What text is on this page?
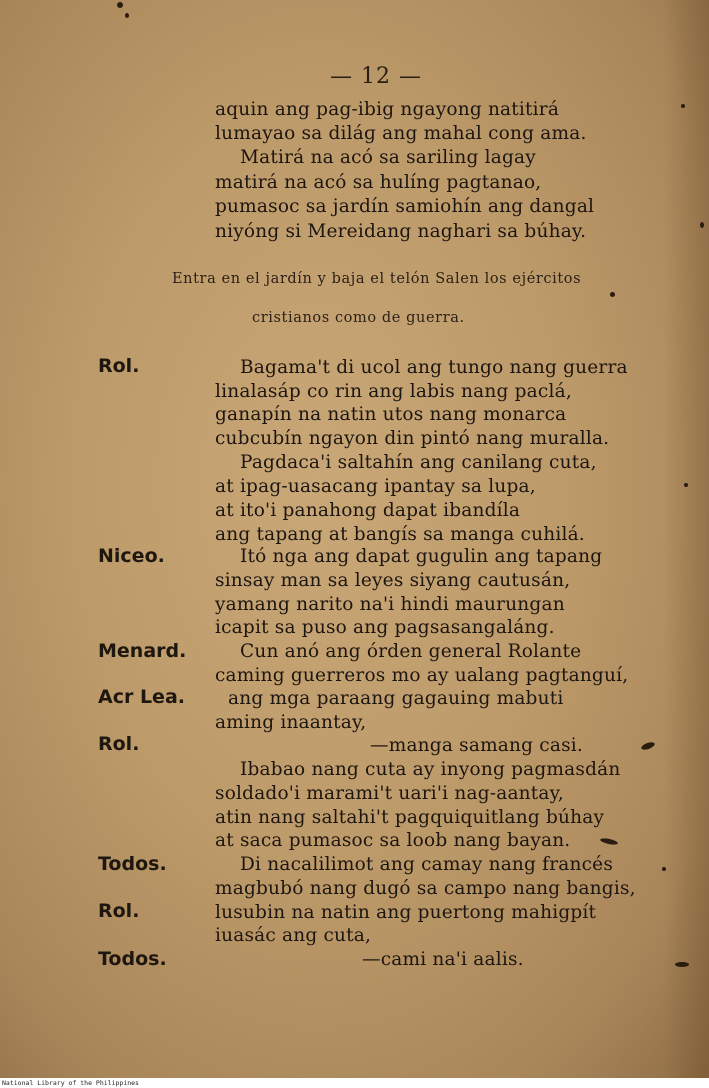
— 12 —
aquin ang pag-ibig ngayong natitirá
lumayao sa diláɡ ang mahal cong ama.
Matirá na acó sa sariling lagay
matirá na acó sa hulíng pagtanao,
pumasoc sa jardín samiohín ang dangal
niyóng si Mereidang naghari sa búhay.
Entra en el jardín y baja el telón Salen los ejércitos
cristianos como de guerra.
Rol.	Bagama't di ucol ang tungo nang guerra
linalasáp co rin ang labis nang paclá,
ganapín na natin utos nang monarca
cubcubín ngayon din pintó nang muralla.
Pagdaca'i saltahín ang canilang cuta,
at ipag-uasacang ipantay sa lupa,
at ito'i panahong dapat ibandíla
ang tapang at bangís sa manga cuhilá.
Niceo.	Itó nga ang dapat gugulin ang tapang
sinsay man sa leyes siyang cautusán,
yamang narito na'i hindi maurungan
icapit sa puso ang pagsasangaláng.
Menard.	Cun anó ang órden general Rolante
caming guerreros mo ay ualang pagtanguí,
Acr Lea. ang mga paraang gagauing mabuti
aming inaantay,
Rol.	—manga samang casi.
Ibabao nang cuta ay inyong pagmasdán
soldado'i marami't uari'i nag-aantay,
atin nang saltahi't pagquiquitlang búhay
at saca pumasoc sa loob nang bayan.
Todos.	Di nacalilimot ang camay nang francés
magbubó nang dugó sa campo nang bangis,
Rol.	lusubin na natin ang puertong mahigpít
iuasác ang cuta,
Todos.	—cami na'i aalis.
National Library of the Philippines
